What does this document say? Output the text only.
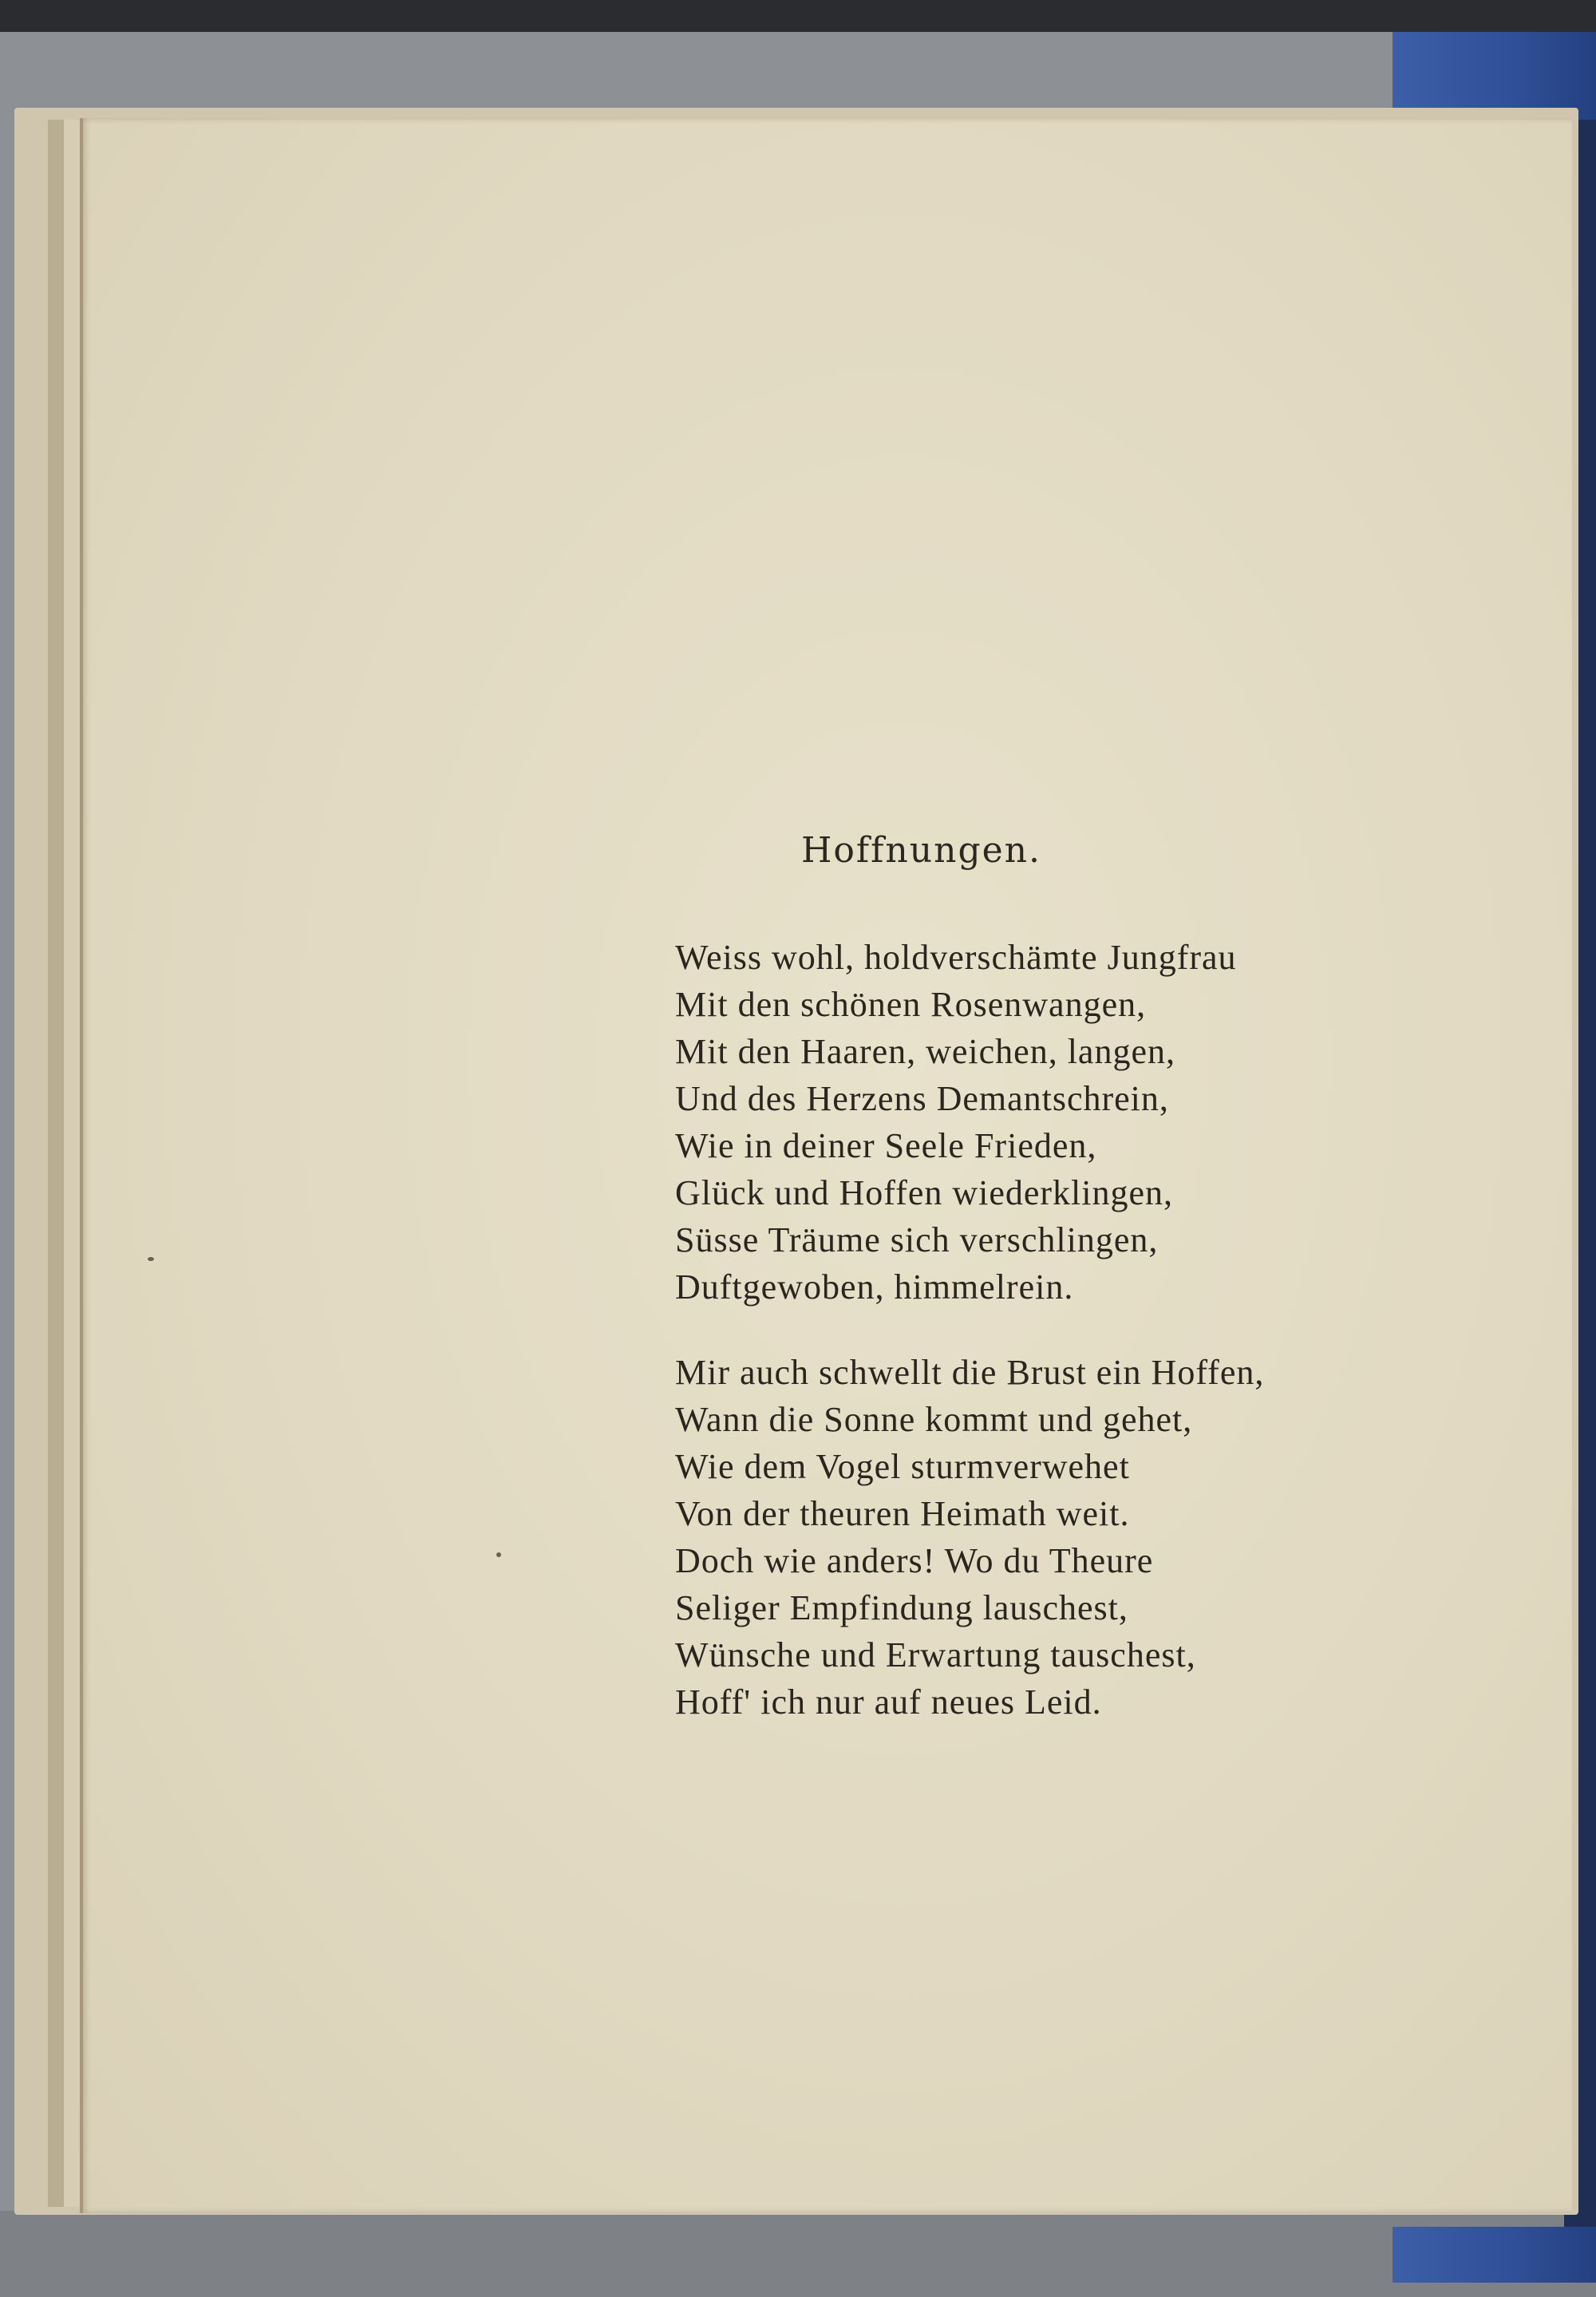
Hoffnungen.
Weiss wohl, holdverschämte Jungfrau
Mit den schönen Rosenwangen,
Mit den Haaren, weichen, langen,
Und des Herzens Demantschrein,
Wie in deiner Seele Frieden,
Glück und Hoffen wiederklingen,
Süsse Träume sich verschlingen,
Duftgewoben, himmelrein.
Mir auch schwellt die Brust ein Hoffen,
Wann die Sonne kommt und gehet,
Wie dem Vogel sturmverwehet
Von der theuren Heimath weit.
Doch wie anders! Wo du Theure
Seliger Empfindung lauschest,
Wünsche und Erwartung tauschest,
Hoff' ich nur auf neues Leid.
